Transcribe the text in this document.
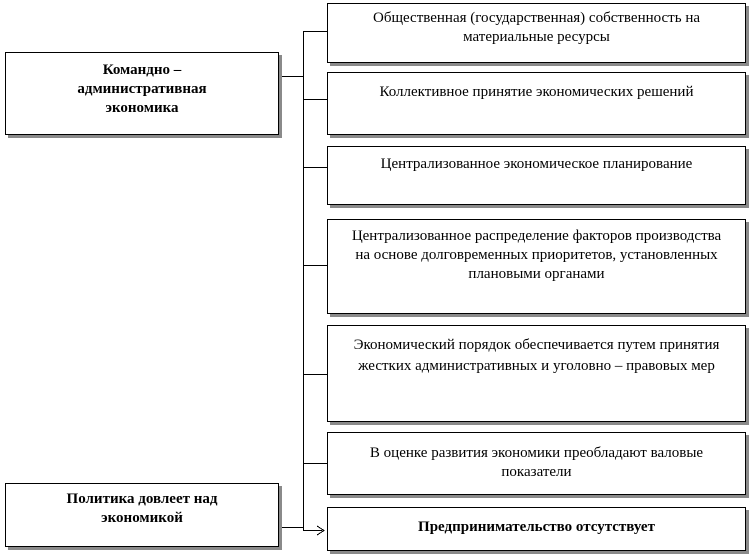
Командно – административная экономика
Политика довлеет над экономикой
Общественная (государственная) собственность на материальные ресурсы
Коллективное принятие экономических решений
Централизованное экономическое планирование
Централизованное распределение факторов производства на основе долговременных приоритетов, установленных плановыми органами
Экономический порядок обеспечивается путем принятия жестких административных и уголовно – правовых мер
В оценке развития экономики преобладают валовые показатели
Предпринимательство отсутствует
